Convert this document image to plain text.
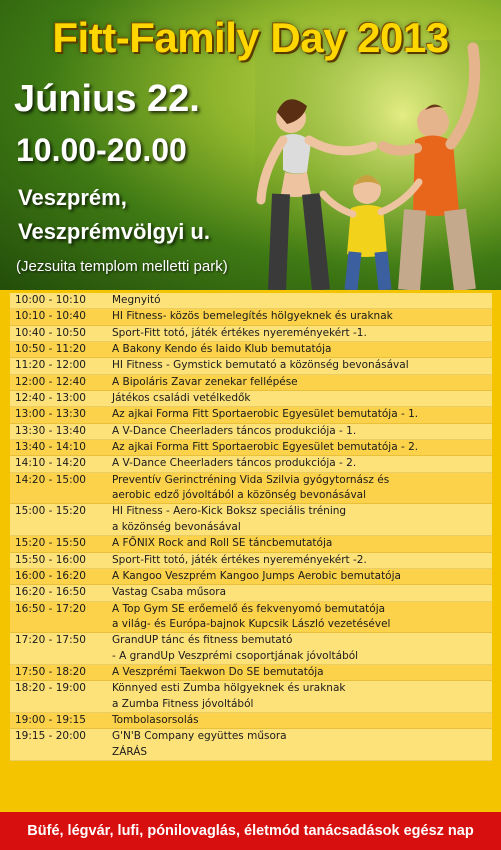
Fitt-Family Day 2013
Június 22.
10.00-20.00
Veszprém,
Veszprémvölgyi u.
(Jezsuita templom melletti park)
10:00 - 10:10	Megnyitó
10:10 - 10:40	HI Fitness- közös bemelegítés hölgyeknek és uraknak
10:40 - 10:50	Sport-Fitt totó, játék értékes nyereményekért -1.
10:50 - 11:20	A Bakony Kendo és Iaido Klub bemutatója
11:20 - 12:00	HI Fitness - Gymstick bemutató a közönség bevonásával
12:00 - 12:40	A Bipoláris Zavar zenekar fellépése
12:40 - 13:00	Játékos családi vetélkedők
13:00 - 13:30	Az ajkai Forma Fitt Sportaerobic Egyesület bemutatója - 1.
13:30 - 13:40	A V-Dance Cheerladers táncos produkciója - 1.
13:40 - 14:10	Az ajkai Forma Fitt Sportaerobic Egyesület bemutatója - 2.
14:10 - 14:20	A V-Dance Cheerladers táncos produkciója - 2.
14:20 - 15:00	Preventív Gerinctréning Vida Szilvia gyógytornász és
aerobic edző jóvoltából a közönség bevonásával
15:00 - 15:20	HI Fitness - Aero-Kick Boksz speciális tréning
a közönség bevonásával
15:20 - 15:50	A FŐNIX Rock and Roll SE táncbemutatója
15:50 - 16:00	Sport-Fitt totó, játék értékes nyereményekért -2.
16:00 - 16:20	A Kangoo Veszprém Kangoo Jumps Aerobic bemutatója
16:20 - 16:50	Vastag Csaba műsora
16:50 - 17:20	A Top Gym SE erőemelő és fekvenyomó bemutatója
a világ- és Európa-bajnok Kupcsik László vezetésével
17:20 - 17:50	GrandUP tánc és fitness bemutató
- A grandUp Veszprémi csoportjának jóvoltából
17:50 - 18:20	A Veszprémi Taekwon Do SE bemutatója
18:20 - 19:00	Könnyed esti Zumba hölgyeknek és uraknak
a Zumba Fitness jóvoltából
19:00 - 19:15	Tombolasorsolás
19:15 - 20:00	G'N'B Company együttes műsora
ZÁRÁS
Büfé, légvár, lufi, pónilovaglás, életmód tanácsadások egész nap
